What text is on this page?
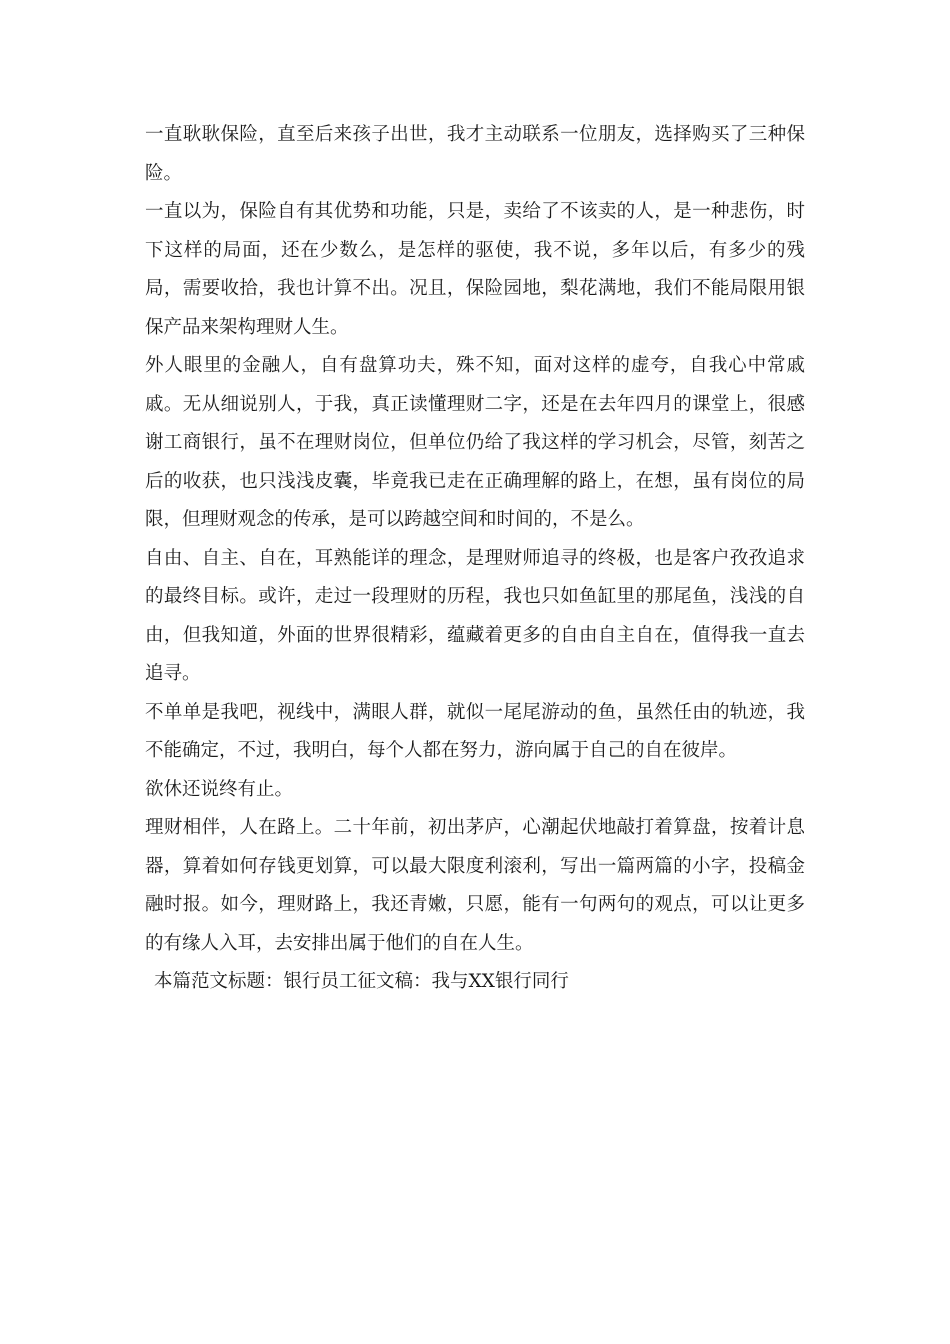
一直耿耿保险，直至后来孩子出世，我才主动联系一位朋友，选择购买了三种保险。

一直以为，保险自有其优势和功能，只是，卖给了不该卖的人，是一种悲伤，时下这样的局面，还在少数么，是怎样的驱使，我不说，多年以后，有多少的残局，需要收拾，我也计算不出。况且，保险园地，梨花满地，我们不能局限用银保产品来架构理财人生。

外人眼里的金融人，自有盘算功夫，殊不知，面对这样的虚夸，自我心中常戚戚。无从细说别人，于我，真正读懂理财二字，还是在去年四月的课堂上，很感谢工商银行，虽不在理财岗位，但单位仍给了我这样的学习机会，尽管，刻苦之后的收获，也只浅浅皮囊，毕竟我已走在正确理解的路上，在想，虽有岗位的局限，但理财观念的传承，是可以跨越空间和时间的，不是么。

自由、自主、自在，耳熟能详的理念，是理财师追寻的终极，也是客户孜孜追求的最终目标。或许，走过一段理财的历程，我也只如鱼缸里的那尾鱼，浅浅的自由，但我知道，外面的世界很精彩，蕴藏着更多的自由自主自在，值得我一直去追寻。

不单单是我吧，视线中，满眼人群，就似一尾尾游动的鱼，虽然任由的轨迹，我不能确定，不过，我明白，每个人都在努力，游向属于自己的自在彼岸。

欲休还说终有止。

理财相伴，人在路上。二十年前，初出茅庐，心潮起伏地敲打着算盘，按着计息器，算着如何存钱更划算，可以最大限度利滚利，写出一篇两篇的小字，投稿金融时报。如今，理财路上，我还青嫩，只愿，能有一句两句的观点，可以让更多的有缘人入耳，去安排出属于他们的自在人生。

本篇范文标题：银行员工征文稿：我与XX银行同行
